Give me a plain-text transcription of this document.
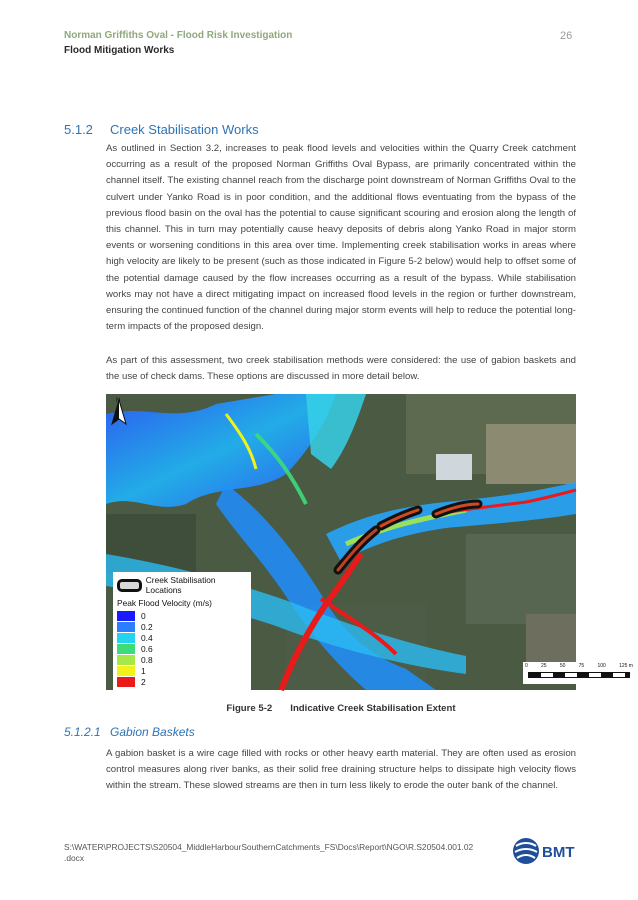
Norman Griffiths Oval - Flood Risk Investigation
Flood Mitigation Works
26
5.1.2 Creek Stabilisation Works
As outlined in Section 3.2, increases to peak flood levels and velocities within the Quarry Creek catchment occurring as a result of the proposed Norman Griffiths Oval Bypass, are primarily concentrated within the channel itself. The existing channel reach from the discharge point downstream of Norman Griffiths Oval to the culvert under Yanko Road is in poor condition, and the additional flows eventuating from the bypass of the previous flood basin on the oval has the potential to cause significant scouring and erosion along the length of this channel. This in turn may potentially cause heavy deposits of debris along Yanko Road in major storm events or worsening conditions in this area over time. Implementing creek stabilisation works in areas where high velocity are likely to be present (such as those indicated in Figure 5-2 below) would help to offset some of the potential damage caused by the flow increases occurring as a result of the bypass. While stabilisation works may not have a direct mitigating impact on increased flood levels in the region or further downstream, ensuring the continued function of the channel during major storm events will help to reduce the potential long-term impacts of the proposed design.
As part of this assessment, two creek stabilisation methods were considered: the use of gabion baskets and the use of check dams. These options are discussed in more detail below.
N
Creek Stabilisation Locations
Peak Flood Velocity (m/s)
0
0.2
0.4
0.6
0.8
1
2
0	25	50	75	100	125 m
Figure 5-2 Indicative Creek Stabilisation Extent
5.1.2.1 Gabion Baskets
A gabion basket is a wire cage filled with rocks or other heavy earth material. They are often used as erosion control measures along river banks, as their solid free draining structure helps to dissipate high velocity flows within the stream. These slowed streams are then in turn less likely to erode the outer bank of the channel.
S:\WATER\PROJECTS\S20504_MiddleHarbourSouthernCatchments_FS\Docs\Report\NGO\R.S20504.001.02
.docx	BMT
